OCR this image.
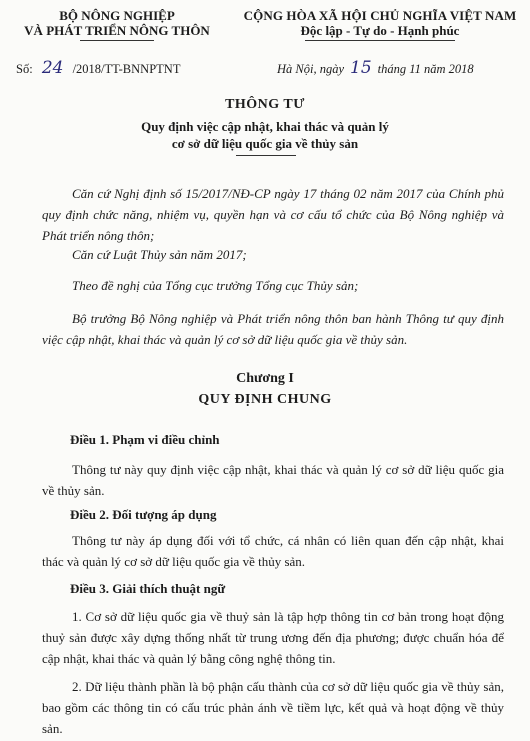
BỘ NÔNG NGHIỆP
VÀ PHÁT TRIỂN NÔNG THÔN
CỘNG HÒA XÃ HỘI CHỦ NGHĨA VIỆT NAM
Độc lập - Tự do - Hạnh phúc
Số: 24 /2018/TT-BNNPTNT	Hà Nội, ngày 15 tháng 11 năm 2018
THÔNG TƯ
Quy định việc cập nhật, khai thác và quản lý
cơ sở dữ liệu quốc gia về thủy sản
Căn cứ Nghị định số 15/2017/NĐ-CP ngày 17 tháng 02 năm 2017 của Chính phủ quy định chức năng, nhiệm vụ, quyền hạn và cơ cấu tổ chức của Bộ Nông nghiệp và Phát triển nông thôn;
Căn cứ Luật Thủy sản năm 2017;
Theo đề nghị của Tổng cục trưởng Tổng cục Thủy sản;
Bộ trưởng Bộ Nông nghiệp và Phát triển nông thôn ban hành Thông tư quy định việc cập nhật, khai thác và quản lý cơ sở dữ liệu quốc gia về thủy sản.
Chương I
QUY ĐỊNH CHUNG
Điều 1. Phạm vi điều chỉnh
Thông tư này quy định việc cập nhật, khai thác và quản lý cơ sở dữ liệu quốc gia về thủy sản.
Điều 2. Đối tượng áp dụng
Thông tư này áp dụng đối với tổ chức, cá nhân có liên quan đến cập nhật, khai thác và quản lý cơ sở dữ liệu quốc gia về thủy sản.
Điều 3. Giải thích thuật ngữ
1. Cơ sở dữ liệu quốc gia về thuỷ sản là tập hợp thông tin cơ bản trong hoạt động thuỷ sản được xây dựng thống nhất từ trung ương đến địa phương; được chuẩn hóa để cập nhật, khai thác và quản lý bằng công nghệ thông tin.
2. Dữ liệu thành phần là bộ phận cấu thành của cơ sở dữ liệu quốc gia về thủy sản, bao gồm các thông tin có cấu trúc phản ánh về tiềm lực, kết quả và hoạt động về thủy sản.
